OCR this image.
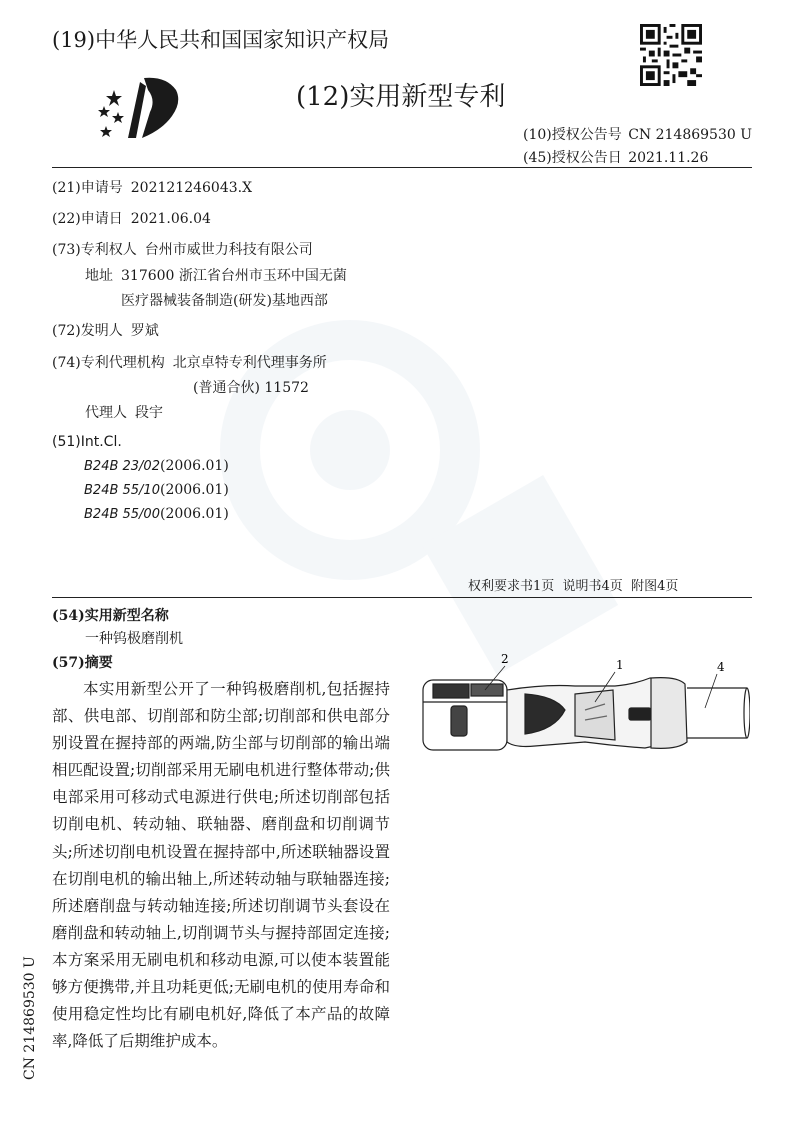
(19)中华人民共和国国家知识产权局
(12)实用新型专利
(10)授权公告号 CN 214869530 U
(45)授权公告日 2021.11.26
(21)申请号 202121246043.X
(22)申请日 2021.06.04
(73)专利权人 台州市威世力科技有限公司
地址 317600 浙江省台州市玉环中国无菌
医疗器械装备制造(研发)基地西部
(72)发明人 罗斌
(74)专利代理机构 北京卓特专利代理事务所
(普通合伙) 11572
代理人 段宇
(51)Int.Cl.
B24B 23/02(2006.01)
B24B 55/10(2006.01)
B24B 55/00(2006.01)
权利要求书1页  说明书4页  附图4页
(54)实用新型名称
一种钨极磨削机
(57)摘要
本实用新型公开了一种钨极磨削机,包括握持部、供电部、切削部和防尘部;切削部和供电部分别设置在握持部的两端,防尘部与切削部的输出端相匹配设置;切削部采用无刷电机进行整体带动;供电部采用可移动式电源进行供电;所述切削部包括切削电机、转动轴、联轴器、磨削盘和切削调节头;所述切削电机设置在握持部中,所述联轴器设置在切削电机的输出轴上,所述转动轴与联轴器连接;所述磨削盘与转动轴连接;所述切削调节头套设在磨削盘和转动轴上,切削调节头与握持部固定连接;本方案采用无刷电机和移动电源,可以使本装置能够方便携带,并且功耗更低;无刷电机的使用寿命和使用稳定性均比有刷电机好,降低了本产品的故障率,降低了后期维护成本。
2	1	4
CN 214869530 U
